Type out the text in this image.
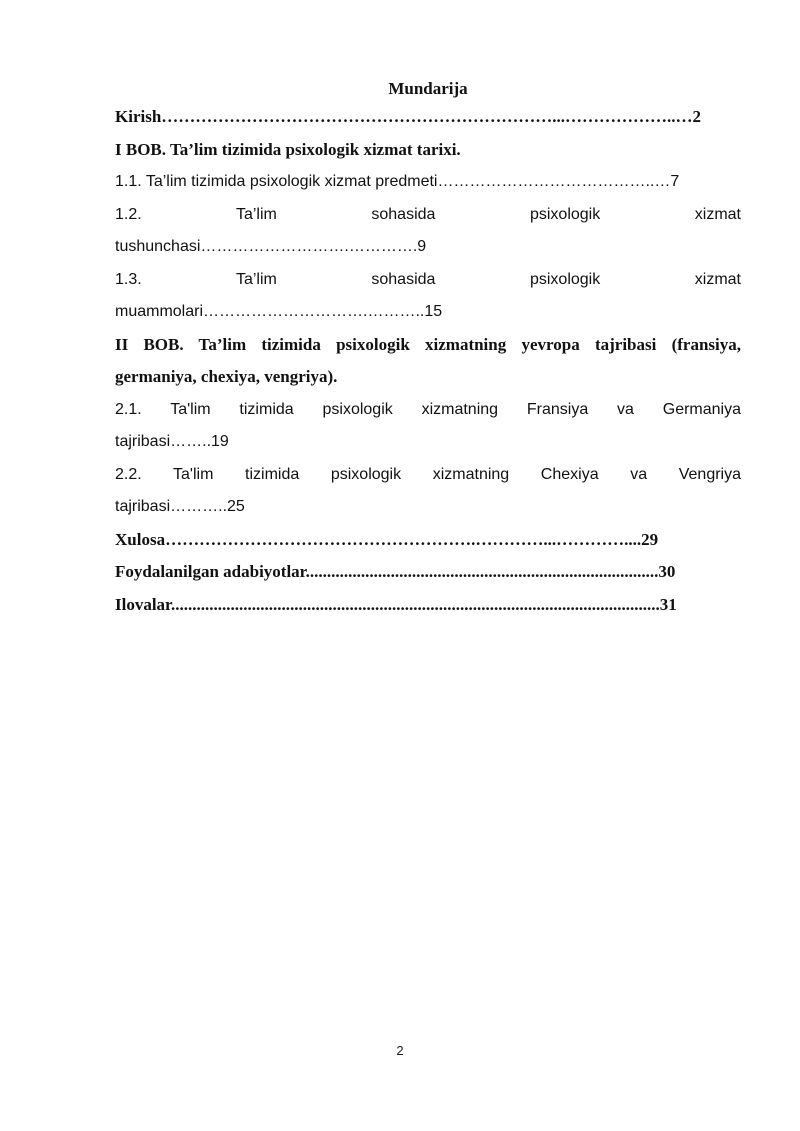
Mundarija
Kirish……………………………………………………………...………………..…2
I BOB. Ta’lim tizimida psixologik xizmat tarixi.
1.1. Ta’lim tizimida psixologik xizmat predmeti…………………………………..…7
1.2. Ta’lim sohasida psixologik xizmat
tushunchasi……………………….………….9
1.3. Ta’lim sohasida psixologik xizmat
muammolari………………………….………..15
II BOB. Ta’lim tizimida psixologik xizmatning yevropa tajribasi (fransiya,
germaniya, chexiya, vengriya).
2.1. Ta'lim tizimida psixologik xizmatning Fransiya va Germaniya
tajribasi……..19
2.2. Ta'lim tizimida psixologik xizmatning Chexiya va Vengriya
tajribasi………..25
Xulosa……………………………………………….…………...…………....29
Foydalanilgan adabiyotlar...................................................................................30
Ilovalar...................................................................................................................31
2
